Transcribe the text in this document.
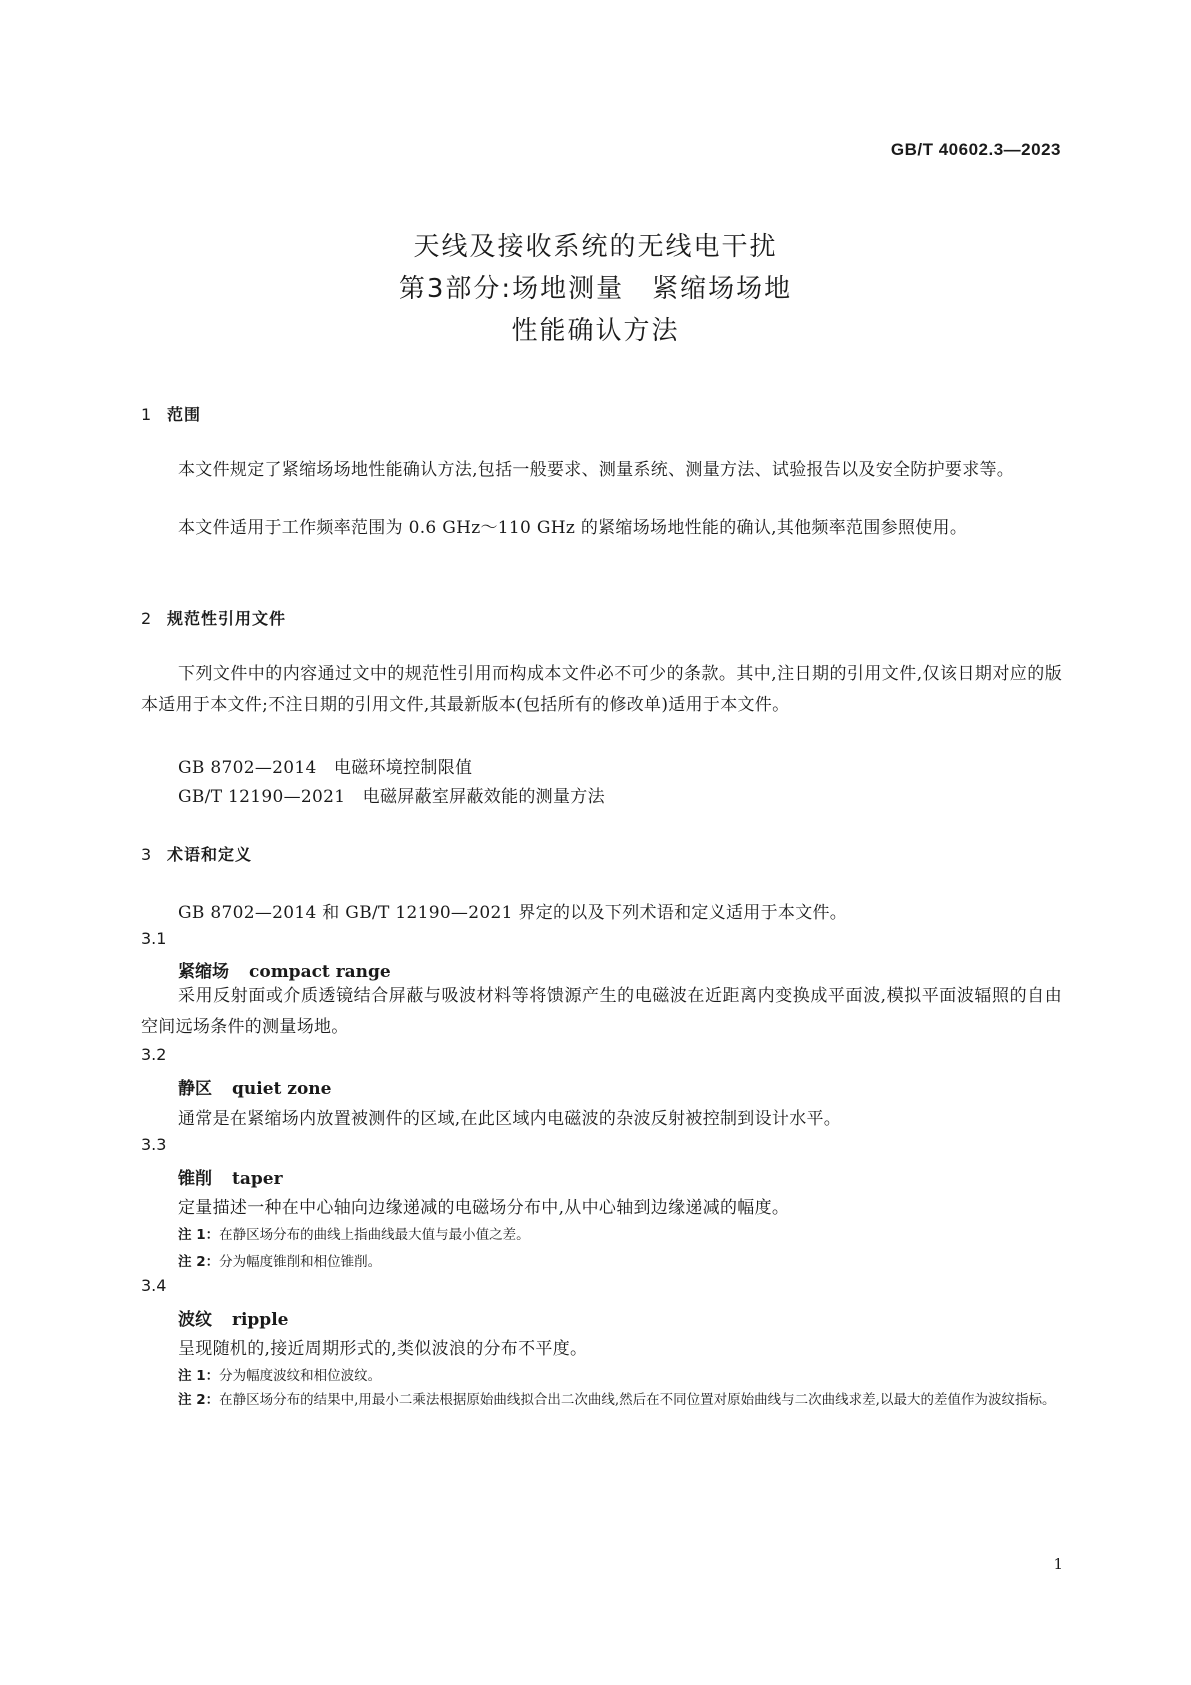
GB/T 40602.3—2023
天线及接收系统的无线电干扰
第3部分:场地测量　紧缩场场地
性能确认方法
1 范围
本文件规定了紧缩场场地性能确认方法,包括一般要求、测量系统、测量方法、试验报告以及安全防护要求等。
本文件适用于工作频率范围为 0.6 GHz～110 GHz 的紧缩场场地性能的确认,其他频率范围参照使用。
2 规范性引用文件
下列文件中的内容通过文中的规范性引用而构成本文件必不可少的条款。其中,注日期的引用文件,仅该日期对应的版本适用于本文件;不注日期的引用文件,其最新版本(包括所有的修改单)适用于本文件。
GB 8702—2014　电磁环境控制限值
GB/T 12190—2021　电磁屏蔽室屏蔽效能的测量方法
3 术语和定义
GB 8702—2014 和 GB/T 12190—2021 界定的以及下列术语和定义适用于本文件。
3.1
紧缩场 compact range
采用反射面或介质透镜结合屏蔽与吸波材料等将馈源产生的电磁波在近距离内变换成平面波,模拟平面波辐照的自由空间远场条件的测量场地。
3.2
静区 quiet zone
通常是在紧缩场内放置被测件的区域,在此区域内电磁波的杂波反射被控制到设计水平。
3.3
锥削 taper
定量描述一种在中心轴向边缘递减的电磁场分布中,从中心轴到边缘递减的幅度。
注 1：在静区场分布的曲线上指曲线最大值与最小值之差。
注 2：分为幅度锥削和相位锥削。
3.4
波纹 ripple
呈现随机的,接近周期形式的,类似波浪的分布不平度。
注 1：分为幅度波纹和相位波纹。
注 2：在静区场分布的结果中,用最小二乘法根据原始曲线拟合出二次曲线,然后在不同位置对原始曲线与二次曲线求差,以最大的差值作为波纹指标。
1
